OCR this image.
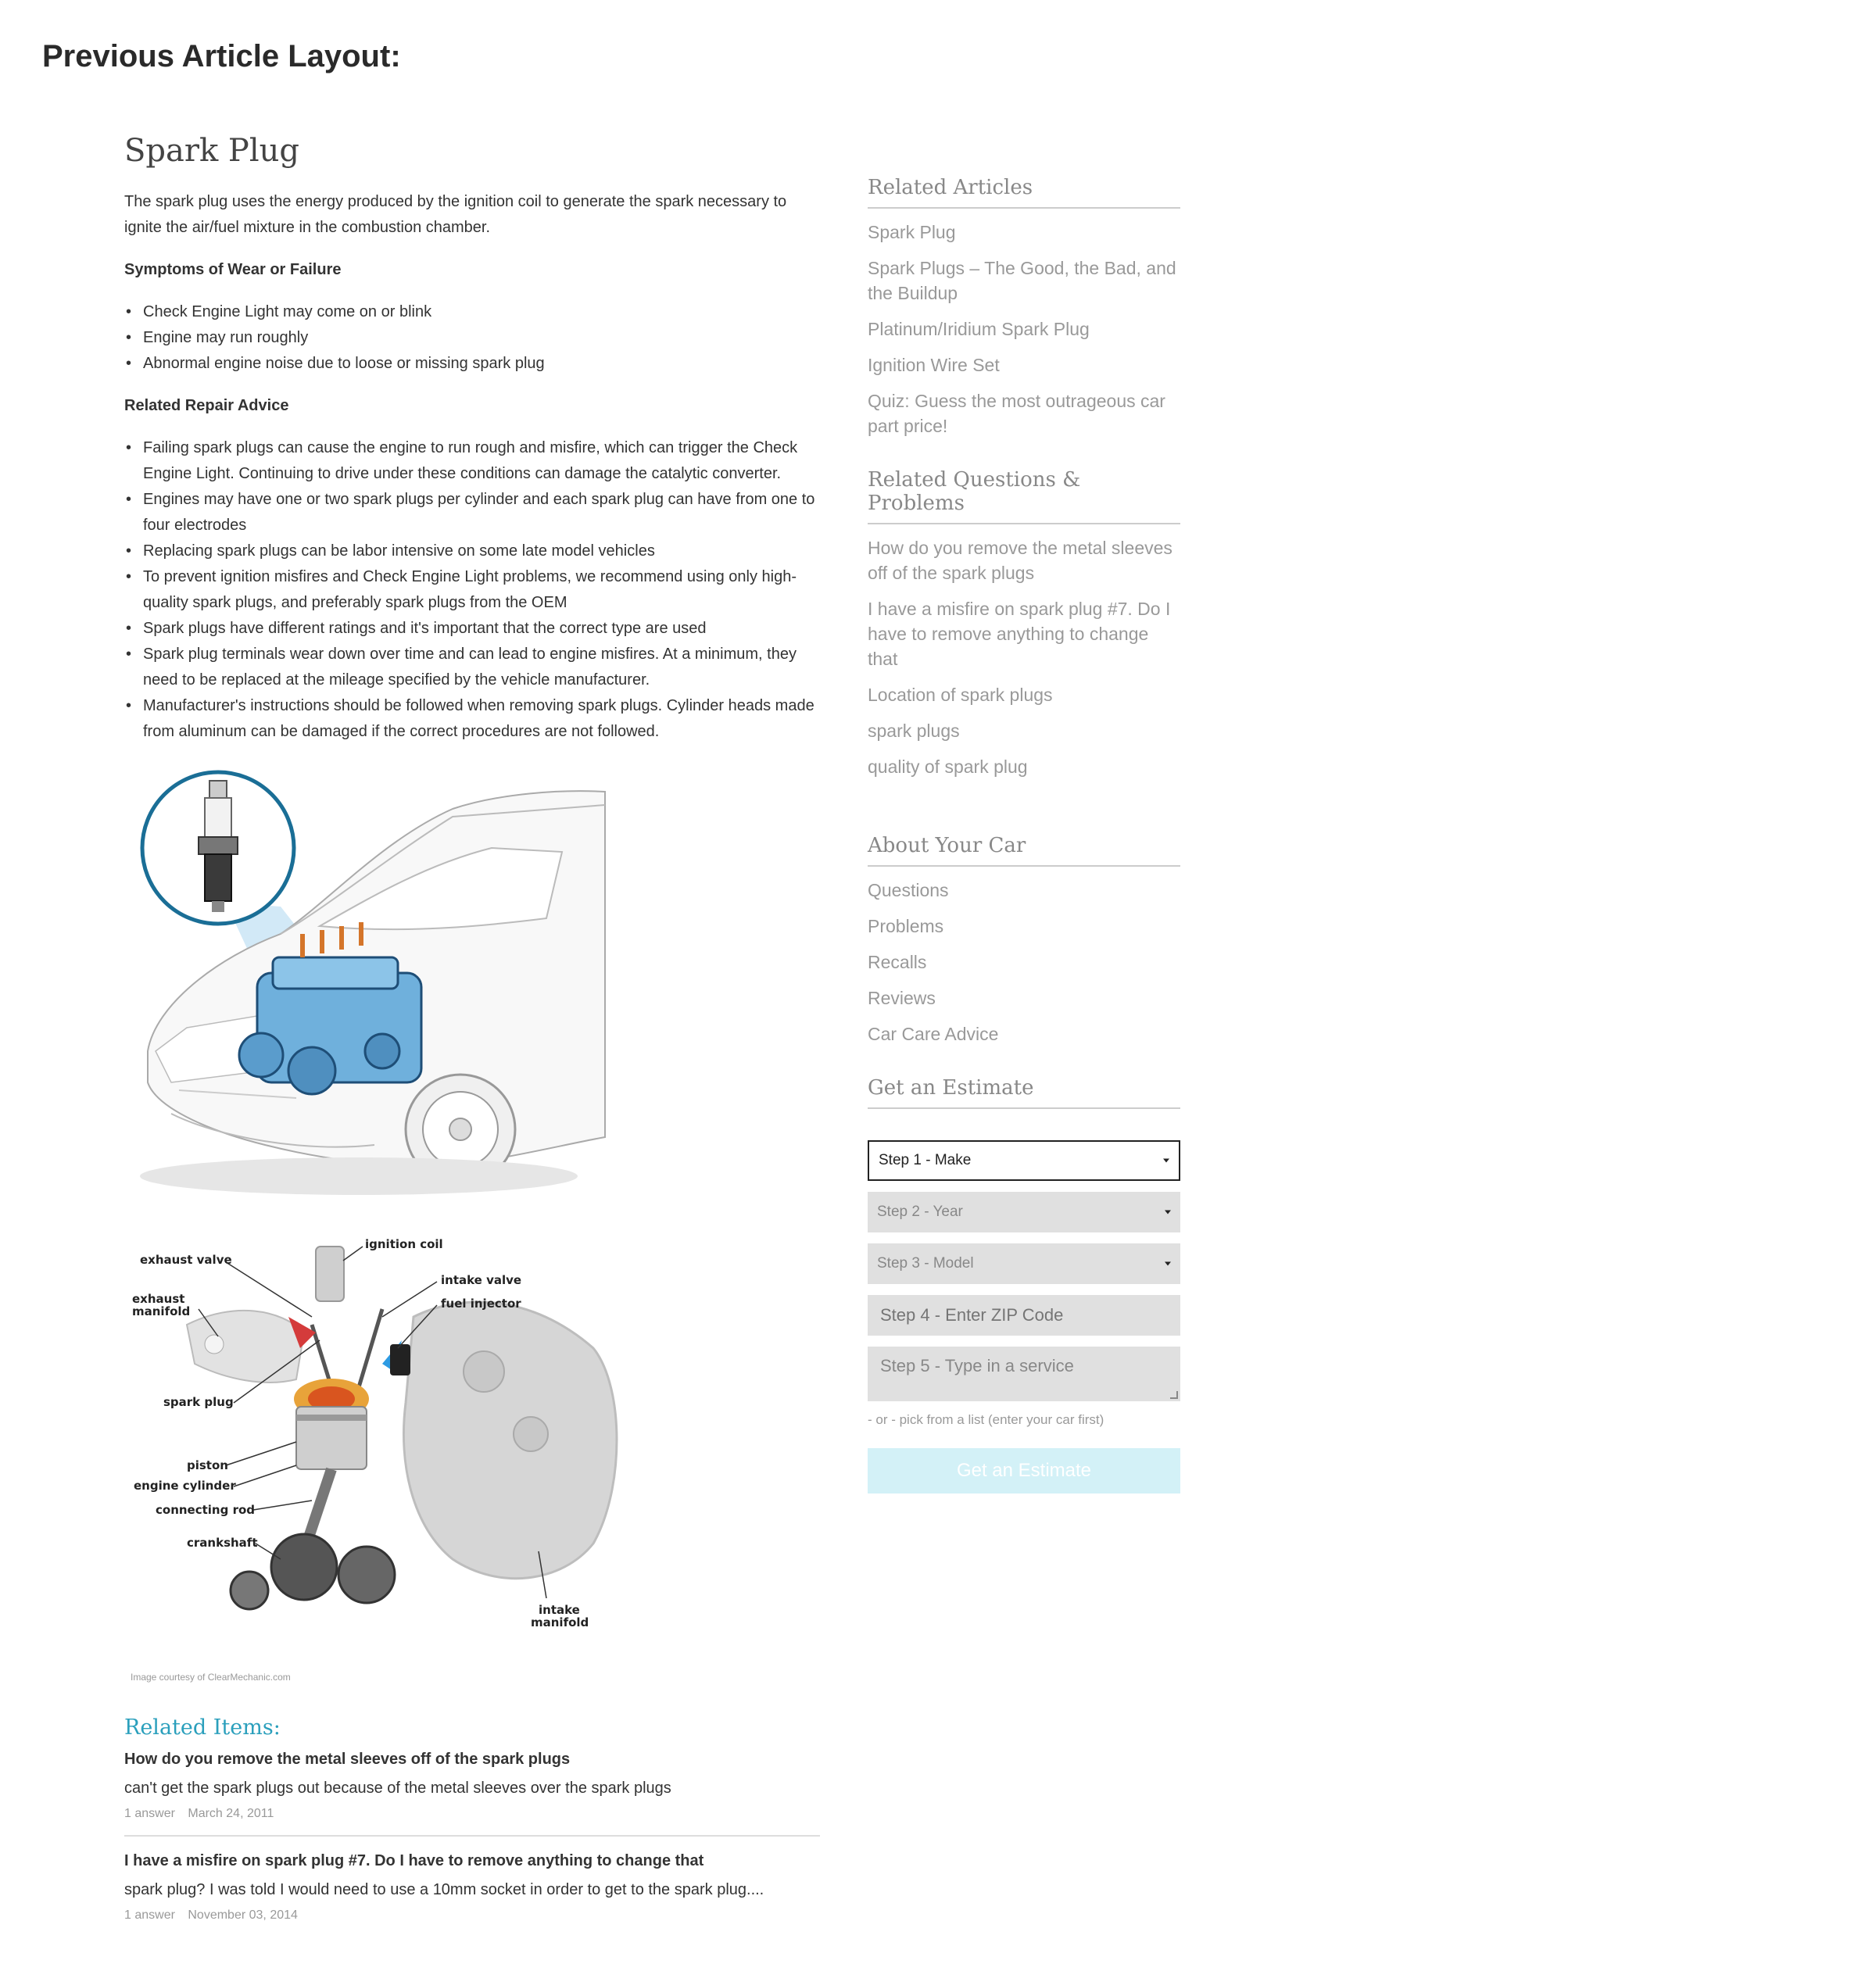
Previous Article Layout:
Spark Plug

The spark plug uses the energy produced by the ignition coil to generate the spark necessary to ignite the air/fuel mixture in the combustion chamber.

Symptoms of Wear or Failure
• Check Engine Light may come on or blink
• Engine may run roughly
• Abnormal engine noise due to loose or missing spark plug
Related Repair Advice
• Failing spark plugs can cause the engine to run rough and misfire, which can trigger the Check Engine Light. Continuing to drive under these conditions can damage the catalytic converter.
• Engines may have one or two spark plugs per cylinder and each spark plug can have from one to four electrodes
• Replacing spark plugs can be labor intensive on some late model vehicles
• To prevent ignition misfires and Check Engine Light problems, we recommend using only high-quality spark plugs, and preferably spark plugs from the OEM
• Spark plugs have different ratings and it's important that the correct type are used
• Spark plug terminals wear down over time and can lead to engine misfires. At a minimum, they need to be replaced at the mileage specified by the vehicle manufacturer.
• Manufacturer's instructions should be followed when removing spark plugs. Cylinder heads made from aluminum can be damaged if the correct procedures are not followed.
ignition coil
exhaust valve
intake valve
exhaust
manifold
fuel injector
spark plug
piston
engine cylinder
connecting rod
crankshaft
intake
manifold
Image courtesy of ClearMechanic.com
Related Items:
How do you remove the metal sleeves off of the spark plugs
can't get the spark plugs out because of the metal sleeves over the spark plugs
1 answer March 24, 2011
I have a misfire on spark plug #7. Do I have to remove anything to change that
spark plug? I was told I would need to use a 10mm socket in order to get to the spark plug....
1 answer November 03, 2014
Related Articles
Spark Plug
Spark Plugs – The Good, the Bad, and the Buildup
Platinum/Iridium Spark Plug
Ignition Wire Set
Quiz: Guess the most outrageous car part price!
Related Questions & Problems
How do you remove the metal sleeves off of the spark plugs
I have a misfire on spark plug #7. Do I have to remove anything to change that
Location of spark plugs
spark plugs
quality of spark plug
About Your Car
Questions
Problems
Recalls
Reviews
Car Care Advice
Get an Estimate
Step 1 - Make
Step 2 - Year
Step 3 - Model
Step 4 - Enter ZIP Code
Step 5 - Type in a service
- or - pick from a list (enter your car first)
Get an Estimate
